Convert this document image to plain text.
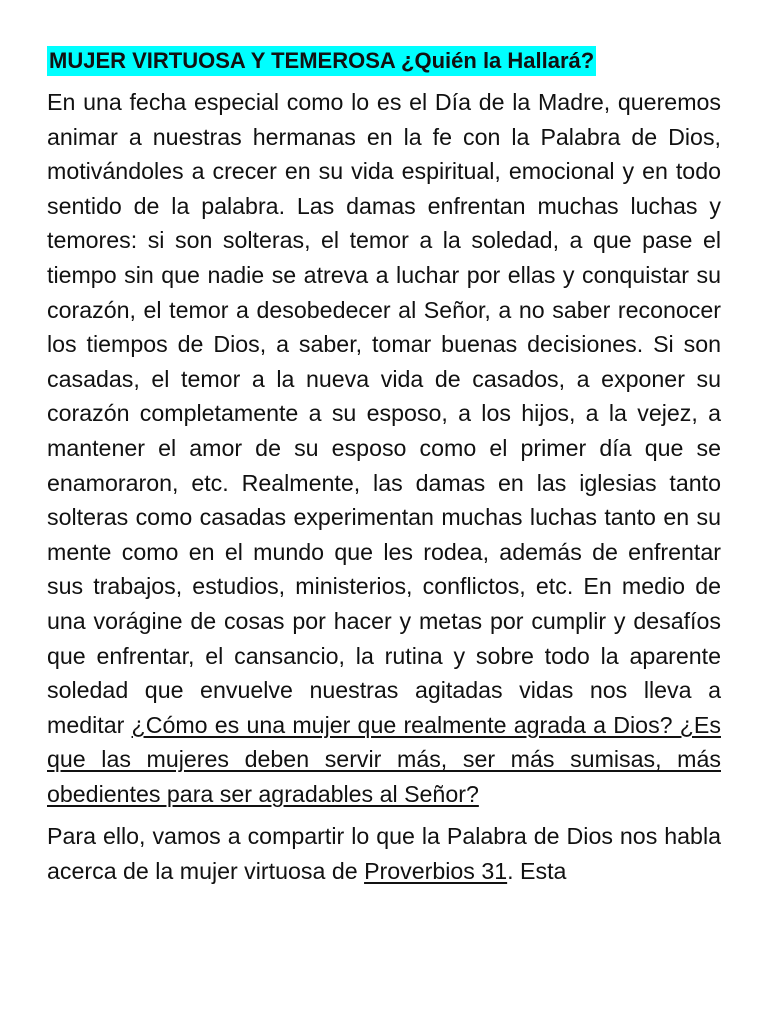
MUJER VIRTUOSA Y TEMEROSA ¿Quién la Hallará?

En una fecha especial como lo es el Día de la Madre, queremos animar a nuestras hermanas en la fe con la Palabra de Dios, motivándoles a crecer en su vida espiritual, emocional y en todo sentido de la palabra. Las damas enfrentan muchas luchas y temores: si son solteras, el temor a la soledad, a que pase el tiempo sin que nadie se atreva a luchar por ellas y conquistar su corazón, el temor a desobedecer al Señor, a no saber reconocer los tiempos de Dios, a saber, tomar buenas decisiones. Si son casadas, el temor a la nueva vida de casados, a exponer su corazón completamente a su esposo, a los hijos, a la vejez, a mantener el amor de su esposo como el primer día que se enamoraron, etc. Realmente, las damas en las iglesias tanto solteras como casadas experimentan muchas luchas tanto en su mente como en el mundo que les rodea, además de enfrentar sus trabajos, estudios, ministerios, conflictos, etc. En medio de una vorágine de cosas por hacer y metas por cumplir y desafíos que enfrentar, el cansancio, la rutina y sobre todo la aparente soledad que envuelve nuestras agitadas vidas nos lleva a meditar ¿Cómo es una mujer que realmente agrada a Dios? ¿Es que las mujeres deben servir más, ser más sumisas, más obedientes para ser agradables al Señor?

Para ello, vamos a compartir lo que la Palabra de Dios nos habla acerca de la mujer virtuosa de Proverbios 31. Esta
